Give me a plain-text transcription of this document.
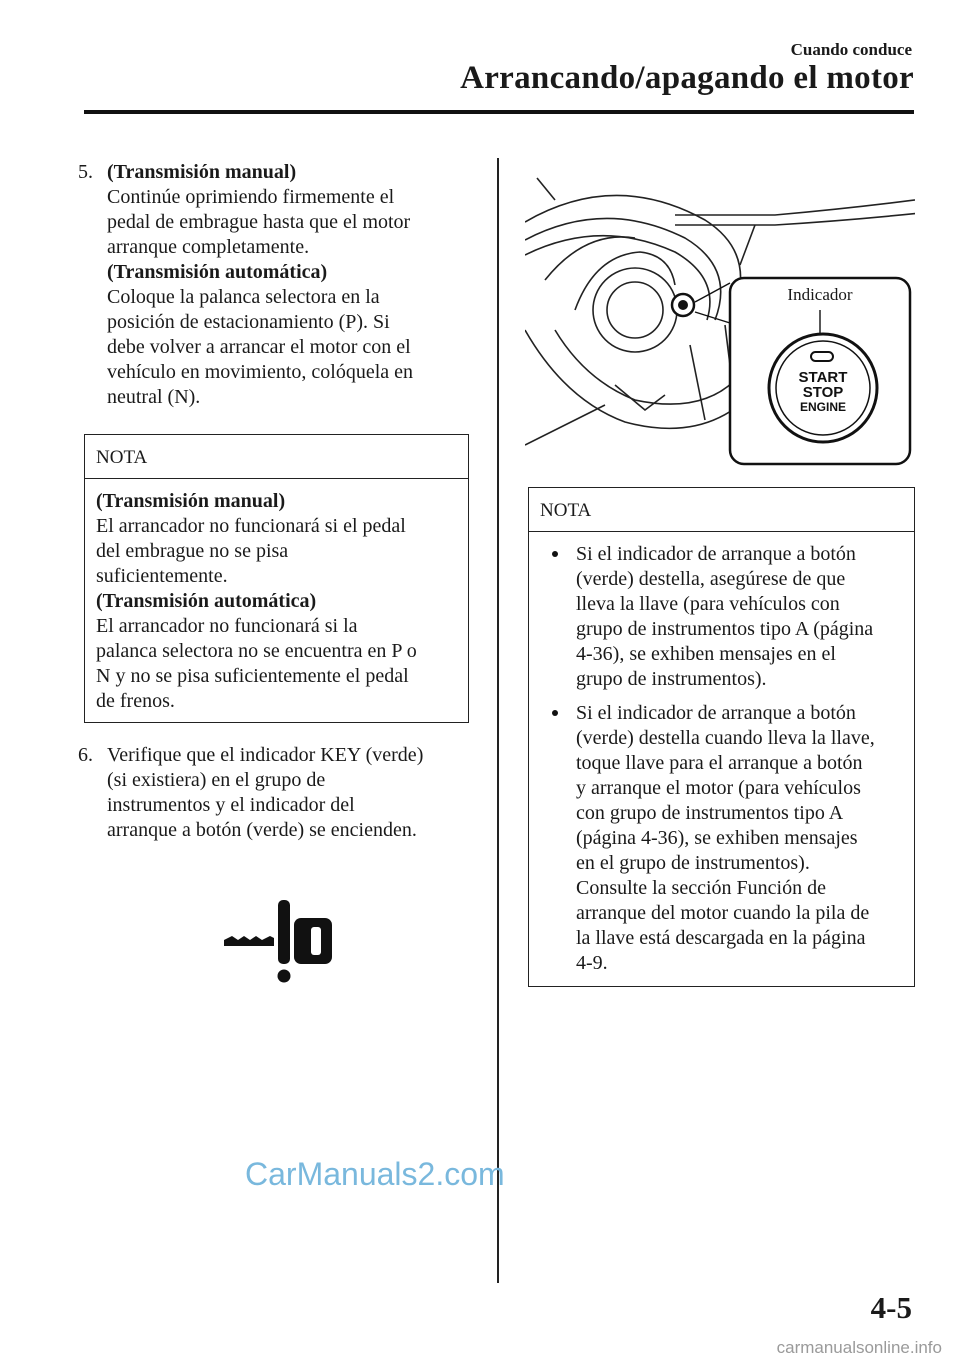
Cuando conduce
Arrancando/apagando el motor
5. (Transmisión manual)
Continúe oprimiendo firmemente el
pedal de embrague hasta que el motor
arranque completamente.
(Transmisión automática)
Coloque la palanca selectora en la
posición de estacionamiento (P). Si
debe volver a arrancar el motor con el
vehículo en movimiento, colóquela en
neutral (N).
NOTA
(Transmisión manual)
El arrancador no funcionará si el pedal
del embrague no se pisa
suficientemente.
(Transmisión automática)
El arrancador no funcionará si la
palanca selectora no se encuentra en P o
N y no se pisa suficientemente el pedal
de frenos.
6. Verifique que el indicador KEY (verde)
(si existiera) en el grupo de
instrumentos y el indicador del
arranque a botón (verde) se encienden.
Indicador
START
STOP
ENGINE
NOTA
Si el indicador de arranque a botón
(verde) destella, asegúrese de que
lleva la llave (para vehículos con
grupo de instrumentos tipo A (página
4-36), se exhiben mensajes en el
grupo de instrumentos).
Si el indicador de arranque a botón
(verde) destella cuando lleva la llave,
toque llave para el arranque a botón
y arranque el motor (para vehículos
con grupo de instrumentos tipo A
(página 4-36), se exhiben mensajes
en el grupo de instrumentos).
Consulte la sección Función de
arranque del motor cuando la pila de
la llave está descargada en la página
4-9.
CarManuals2.com
4-5
carmanualsonline.info
